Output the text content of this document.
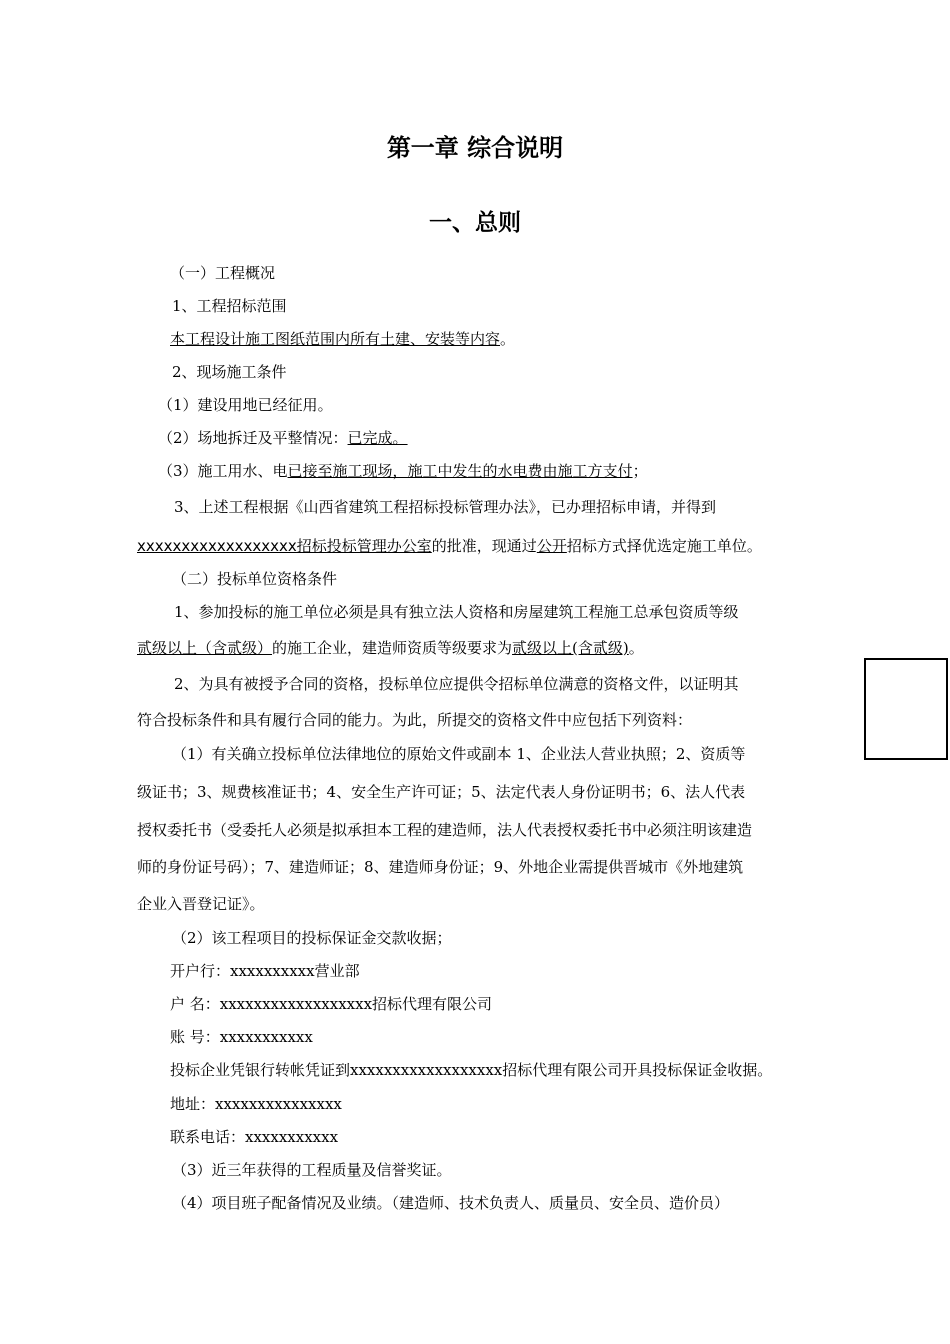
第一章 综合说明
一、总则
（一）工程概况
1、工程招标范围
本工程设计施工图纸范围内所有土建、安装等内容。
2、现场施工条件
（1）建设用地已经征用。
（2）场地拆迁及平整情况：已完成。
（3）施工用水、电已接至施工现场，施工中发生的水电费由施工方支付；
3、上述工程根据《山西省建筑工程招标投标管理办法》，已办理招标申请，并得到
xxxxxxxxxxxxxxxxxx招标投标管理办公室的批准，现通过公开招标方式择优选定施工单位。
（二）投标单位资格条件
1、参加投标的施工单位必须是具有独立法人资格和房屋建筑工程施工总承包资质等级
贰级以上（含贰级）的施工企业，建造师资质等级要求为贰级以上(含贰级)。
2、为具有被授予合同的资格，投标单位应提供令招标单位满意的资格文件，以证明其
符合投标条件和具有履行合同的能力。为此，所提交的资格文件中应包括下列资料：
（1）有关确立投标单位法律地位的原始文件或副本 1、企业法人营业执照；2、资质等
级证书；3、规费核准证书；4、安全生产许可证；5、法定代表人身份证明书；6、法人代表
授权委托书（受委托人必须是拟承担本工程的建造师，法人代表授权委托书中必须注明该建造
师的身份证号码）；7、建造师证；8、建造师身份证；9、外地企业需提供晋城市《外地建筑
企业入晋登记证》。
（2）该工程项目的投标保证金交款收据；
开户行：xxxxxxxxxx营业部
户 名：xxxxxxxxxxxxxxxxxx招标代理有限公司
账 号：xxxxxxxxxxx
投标企业凭银行转帐凭证到xxxxxxxxxxxxxxxxxx招标代理有限公司开具投标保证金收据。
地址：xxxxxxxxxxxxxxx
联系电话：xxxxxxxxxxx
（3）近三年获得的工程质量及信誉奖证。
（4）项目班子配备情况及业绩。（建造师、技术负责人、质量员、安全员、造价员）
